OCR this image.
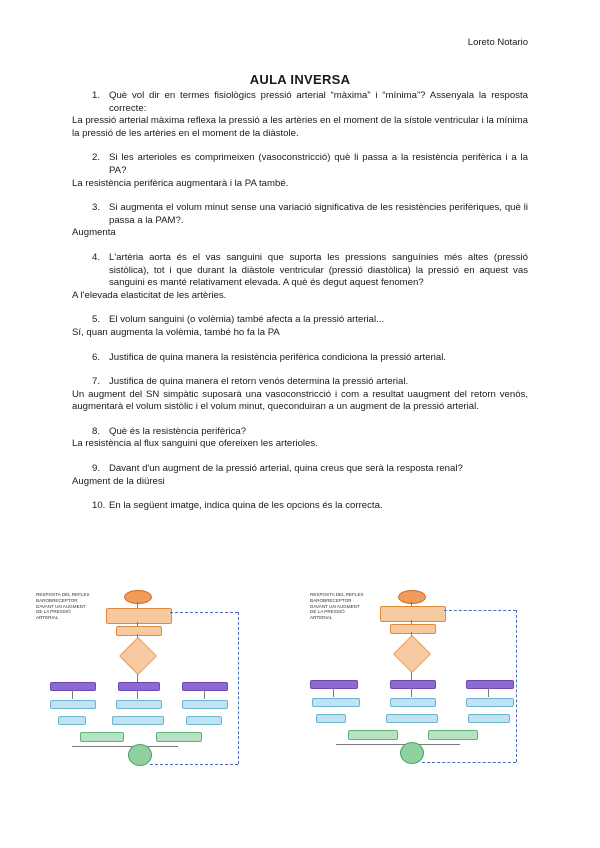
Loreto Notario
AULA INVERSA
1. Què vol dir en termes fisiològics pressió arterial “màxima” i “mínima”? Assenyala la resposta correcte:
La pressió arterial màxima reflexa la pressió a les artèries en el moment de la sístole ventricular i la mínima la pressió de les artèries en el moment de la diàstole.
2. Si les arterioles es comprimeixen (vasoconstricció) què li passa a la resistència perifèrica i a la PA?
La resistència perifèrica augmentarà i la PA també.
3. Si augmenta el volum minut sense una variació significativa de les resistències perifèriques, què li passa a la PAM?.
Augmenta
4. L'artèria aorta és el vas sanguini que suporta les pressions sanguínies més altes (pressió sistòlica), tot i que durant la diàstole ventricular (pressió diastòlica) la pressió en aquest vas sanguini es manté relativament elevada. A què és degut aquest fenomen?
A l'elevada elasticitat de les artèries.
5. El volum sanguini (o volèmia) també afecta a la pressió arterial...
Sí, quan augmenta la volèmia, també ho fa la PA
6. Justifica de quina manera la resistència perifèrica condiciona la pressió arterial.
7. Justifica de quina manera el retorn venós determina la pressió arterial.
Un augment del SN simpàtic suposarà una vasoconstricció i com a resultat uaugment del retorn venós, augmentarà el volum sistòlic i el volum minut, queconduiran a un augment de la pressió arterial.
8. Què és la resistència perifèrica?
La resistència al flux sanguini que ofereixen les arterioles.
9. Davant d'un augment de la pressió arterial, quina creus que serà la resposta renal?
Augment de la diüresi
10. En la següent imatge, indica quina de les opcions és la correcta.
RESPOSTA DEL REFLEX BAROBRECEPTOR DAVANT UN AUGMENT DE LA PRESSIÓ ARTERIAL
RESPOSTA DEL REFLEX BAROBRECEPTOR DAVANT UN AUGMENT DE LA PRESSIÓ ARTERIAL
